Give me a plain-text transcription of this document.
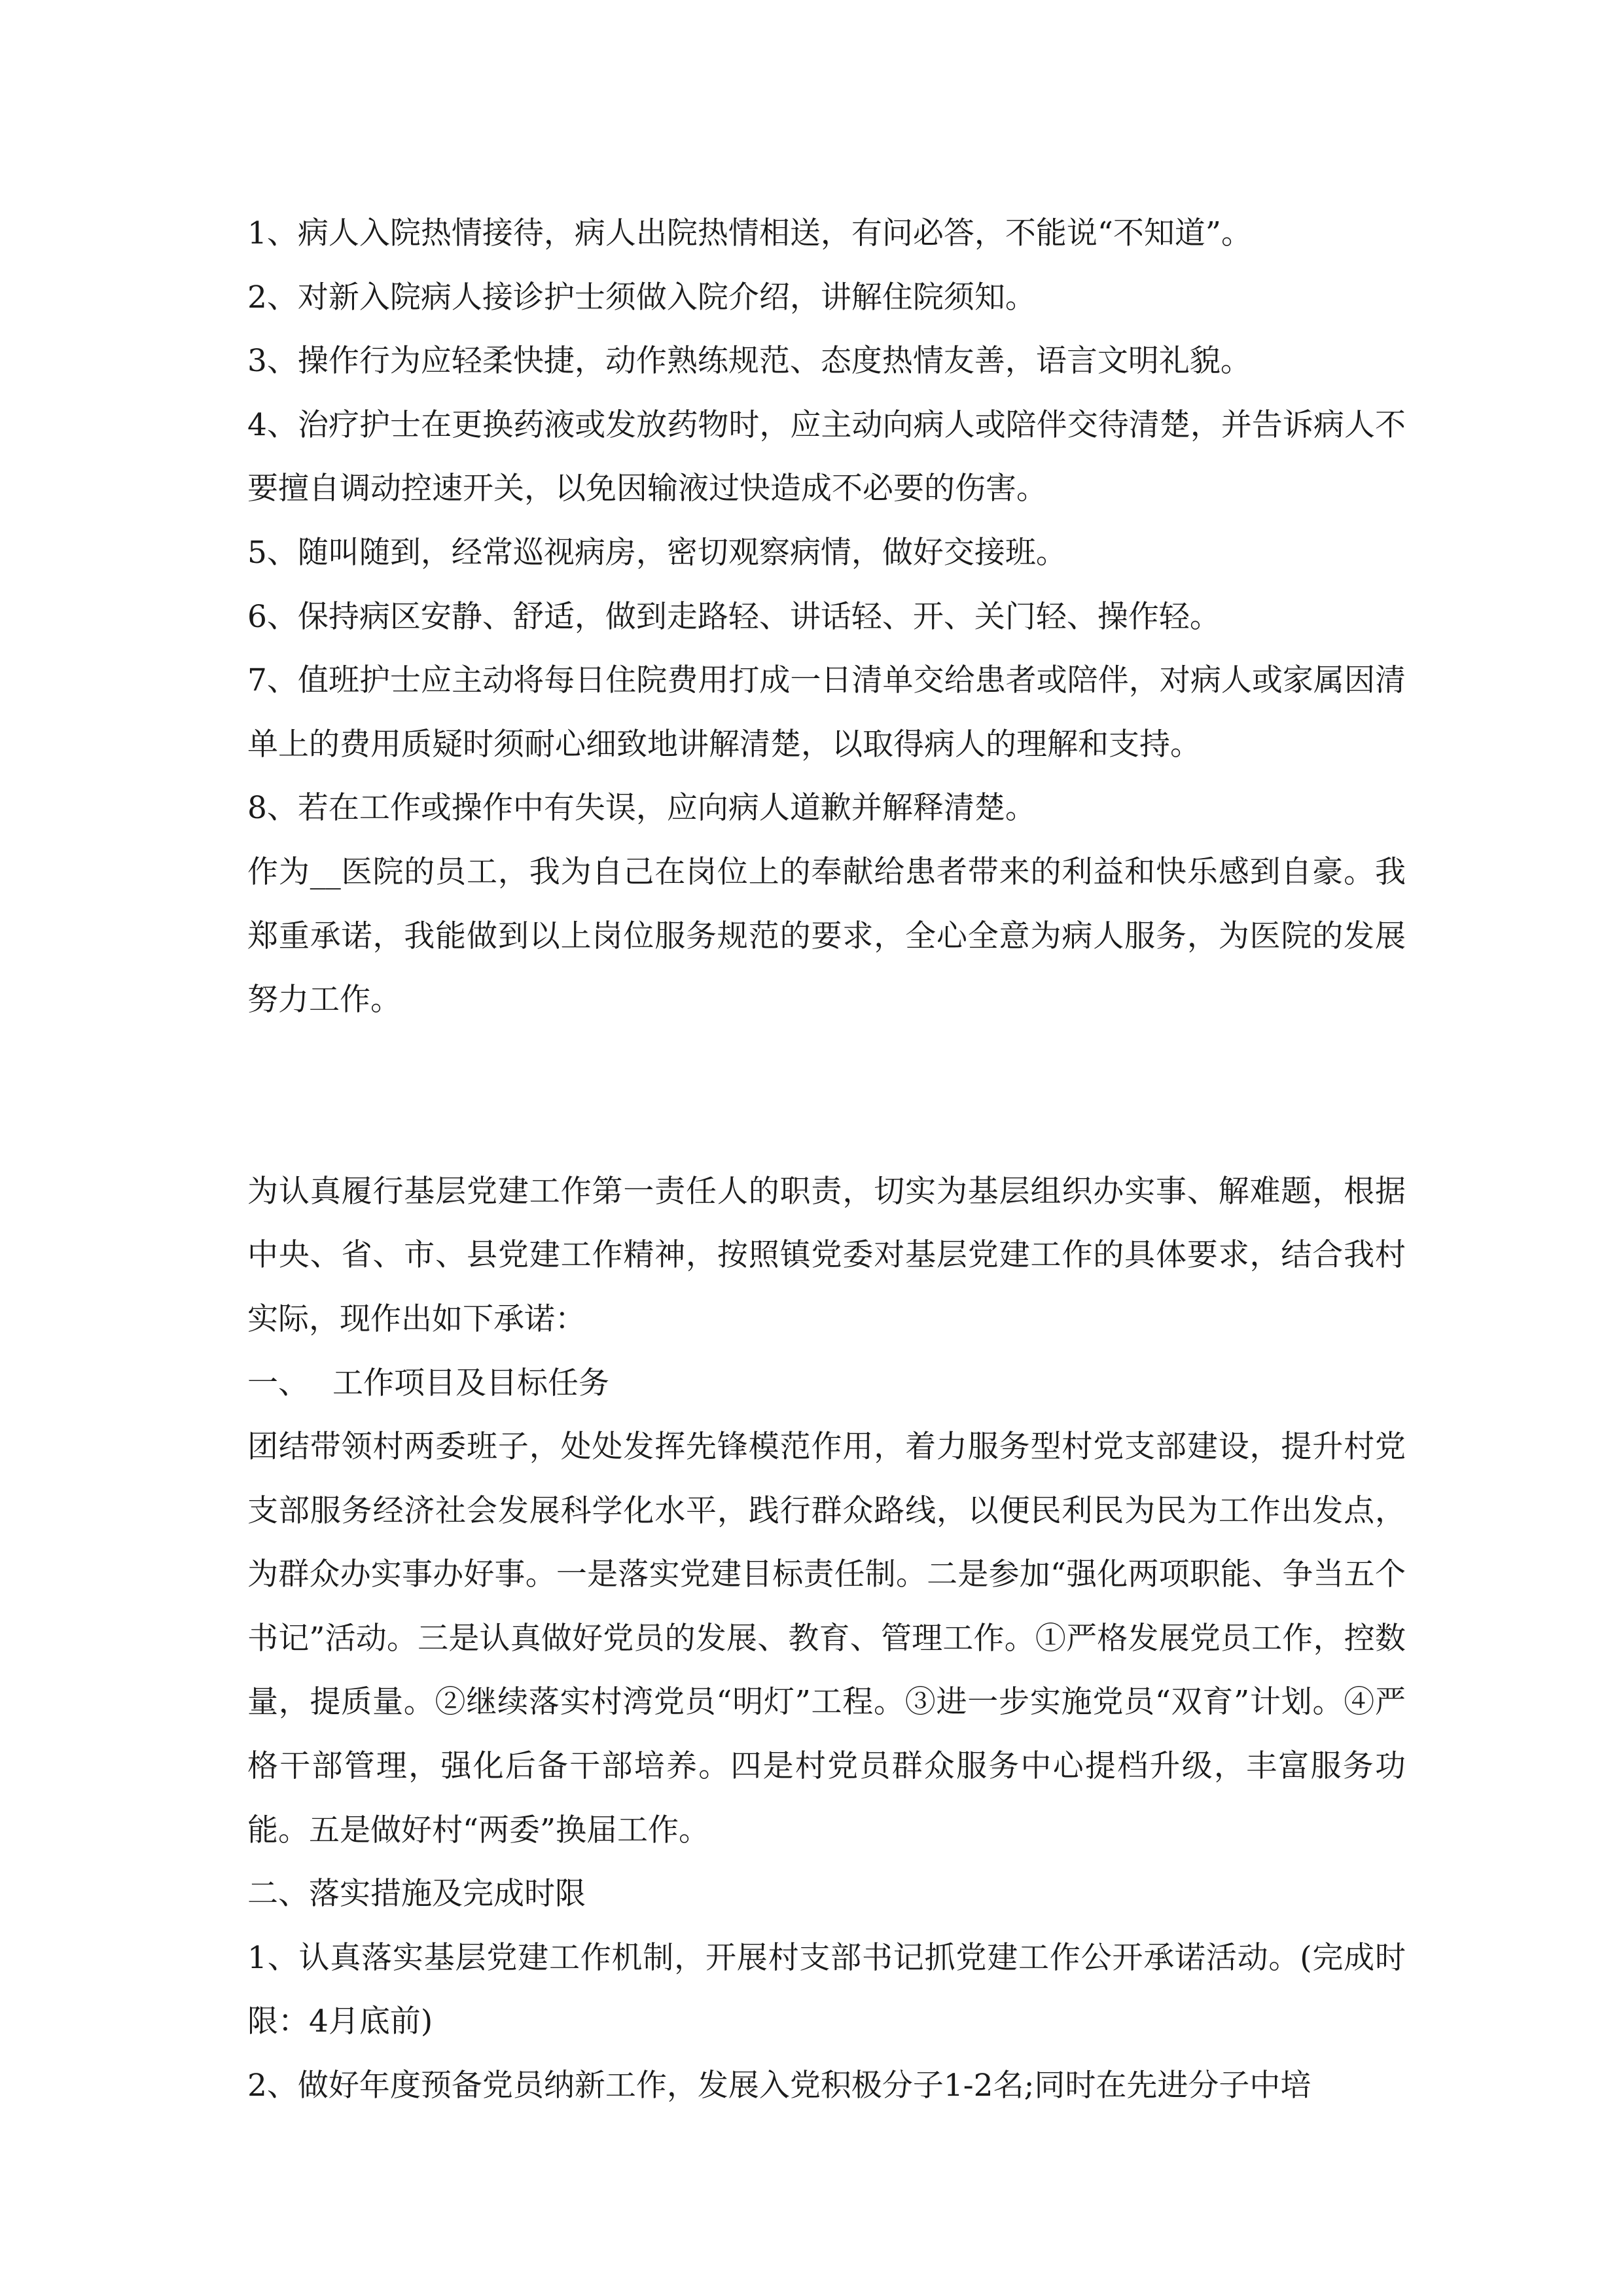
1、病人入院热情接待，病人出院热情相送，有问必答，不能说“不知道”。

2、对新入院病人接诊护士须做入院介绍，讲解住院须知。

3、操作行为应轻柔快捷，动作熟练规范、态度热情友善，语言文明礼貌。

4、治疗护士在更换药液或发放药物时，应主动向病人或陪伴交待清楚，并告诉病人不要擅自调动控速开关，以免因输液过快造成不必要的伤害。

5、随叫随到，经常巡视病房，密切观察病情，做好交接班。

6、保持病区安静、舒适，做到走路轻、讲话轻、开、关门轻、操作轻。

7、值班护士应主动将每日住院费用打成一日清单交给患者或陪伴，对病人或家属因清单上的费用质疑时须耐心细致地讲解清楚，以取得病人的理解和支持。

8、若在工作或操作中有失误，应向病人道歉并解释清楚。

作为__医院的员工，我为自己在岗位上的奉献给患者带来的利益和快乐感到自豪。我郑重承诺，我能做到以上岗位服务规范的要求，全心全意为病人服务，为医院的发展努力工作。

为认真履行基层党建工作第一责任人的职责，切实为基层组织办实事、解难题，根据中央、省、市、县党建工作精神，按照镇党委对基层党建工作的具体要求，结合我村实际，现作出如下承诺：

一、 工作项目及目标任务

团结带领村两委班子，处处发挥先锋模范作用，着力服务型村党支部建设，提升村党支部服务经济社会发展科学化水平，践行群众路线，以便民利民为民为工作出发点，为群众办实事办好事。一是落实党建目标责任制。二是参加“强化两项职能、争当五个书记”活动。三是认真做好党员的发展、教育、管理工作。①严格发展党员工作，控数量，提质量。②继续落实村湾党员“明灯”工程。③进一步实施党员“双育”计划。④严格干部管理，强化后备干部培养。四是村党员群众服务中心提档升级，丰富服务功能。五是做好村“两委”换届工作。

二、落实措施及完成时限

1、认真落实基层党建工作机制，开展村支部书记抓党建工作公开承诺活动。(完成时限：4月底前)

2、做好年度预备党员纳新工作，发展入党积极分子1-2名;同时在先进分子中培
